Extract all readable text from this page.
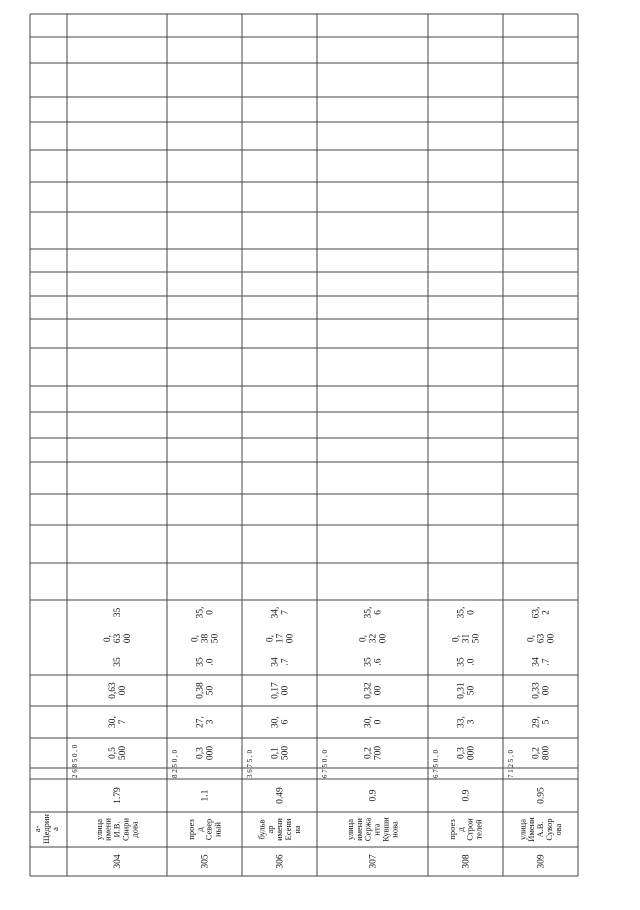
304
улицаимениИ.В.Свиридова
1.79
2 6 8 5 0 , 0	0,5500
30,7
0,6300
35
0,6300
35
305
проездСеверный
1.1
8 2 5 0 , 0 0,3000
27,3
0,3850
35.0
0,3850
35,0
306
бульваримениЕсенина
0.49
3 6 7 5 , 0 0,1500
30,6
0,1700
34.7
0,1700
34,7
307
улицаимениСержантаКувшинова
0.9
6 7 5 0 , 0	0,2700
30,0
0,3200
35.6
0,3200
35,6
308
проездСтроителей
0.9
6 7 5 0 , 0 0,3000
33,3
0,3150
35.0
0,3150
35,0
309
улицаИмениА.В.Суворова
0.95
7 1 2 5 , 0 0,2800
29,5
0,3300
34.7
0,6300
63,2
а-Щедрина
